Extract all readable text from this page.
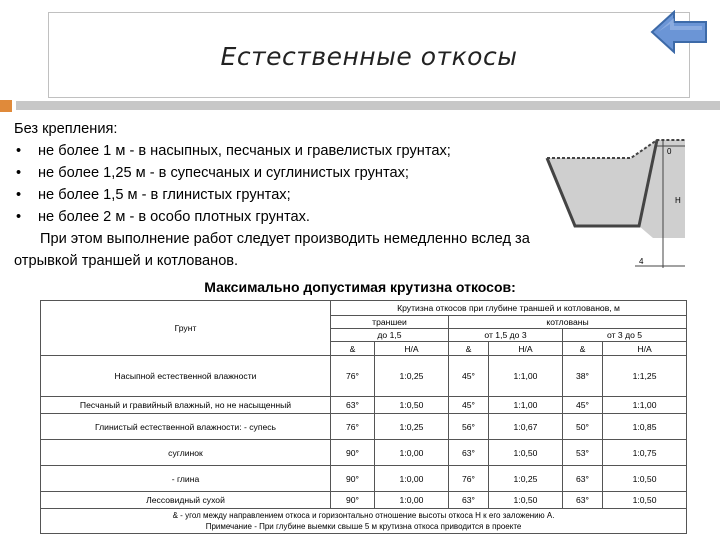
Естественные откосы
Без крепления:
• не более 1 м - в насыпных, песчаных и гравелистых грунтах;
• не более 1,25 м - в супесчаных и суглинистых грунтах;
• не более 1,5 м - в глинистых грунтах;
• не более 2 м - в особо плотных грунтах.
При этом выполнение работ следует производить немедленно вслед за отрывкой траншей и котлованов.
0
Н
4
Максимально допустимая крутизна откосов:
Грунт	Крутизна откосов при глубине траншей и котлованов, м					
	траншеи		котлованы			
	до 1,5		от 1,5 до 3		от 3 до 5	
	&	Н/А	&	Н/А	&	Н/А
Насыпной естественной влажности	76°	1:0,25	45°	1:1,00	38°	1:1,25
Песчаный и гравийный влажный, но не насыщенный	63°	1:0,50	45°	1:1,00	45°	1:1,00
Глинистый естественной влажности: - супесь	76°	1:0,25	56°	1:0,67	50°	1:0,85
суглинок	90°	1:0,00	63°	1:0,50	53°	1:0,75
- глина	90°	1:0,00	76°	1:0,25	63°	1:0,50
Лессовидный сухой	90°	1:0,00	63°	1:0,50	63°	1:0,50

& - угол между направлением откоса и горизонтально отношение высоты откоса Н к его заложению А.
Примечание - При глубине выемки свыше 5 м крутизна откоса приводится в проекте						
